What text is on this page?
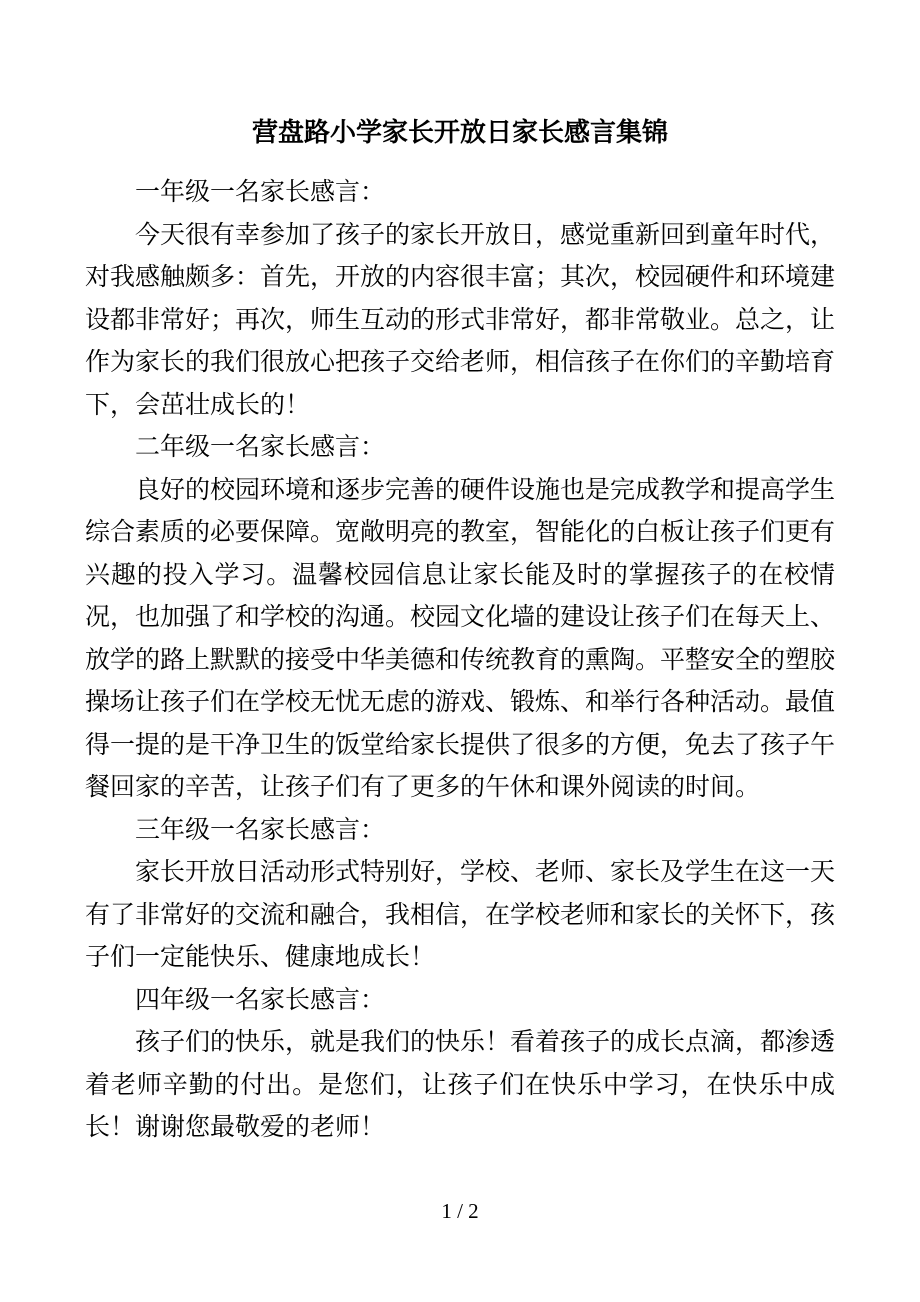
营盘路小学家长开放日家长感言集锦

一年级一名家长感言：

今天很有幸参加了孩子的家长开放日，感觉重新回到童年时代，对我感触颇多：首先，开放的内容很丰富；其次，校园硬件和环境建设都非常好；再次，师生互动的形式非常好，都非常敬业。总之，让作为家长的我们很放心把孩子交给老师，相信孩子在你们的辛勤培育下，会茁壮成长的！

二年级一名家长感言：

良好的校园环境和逐步完善的硬件设施也是完成教学和提高学生综合素质的必要保障。宽敞明亮的教室，智能化的白板让孩子们更有兴趣的投入学习。温馨校园信息让家长能及时的掌握孩子的在校情况，也加强了和学校的沟通。校园文化墙的建设让孩子们在每天上、放学的路上默默的接受中华美德和传统教育的熏陶。平整安全的塑胶操场让孩子们在学校无忧无虑的游戏、锻炼、和举行各种活动。最值得一提的是干净卫生的饭堂给家长提供了很多的方便，免去了孩子午餐回家的辛苦，让孩子们有了更多的午休和课外阅读的时间。

三年级一名家长感言：

家长开放日活动形式特别好，学校、老师、家长及学生在这一天有了非常好的交流和融合，我相信，在学校老师和家长的关怀下，孩子们一定能快乐、健康地成长！

四年级一名家长感言：

孩子们的快乐，就是我们的快乐！看着孩子的成长点滴，都渗透着老师辛勤的付出。是您们，让孩子们在快乐中学习，在快乐中成长！谢谢您最敬爱的老师！

1 / 2
